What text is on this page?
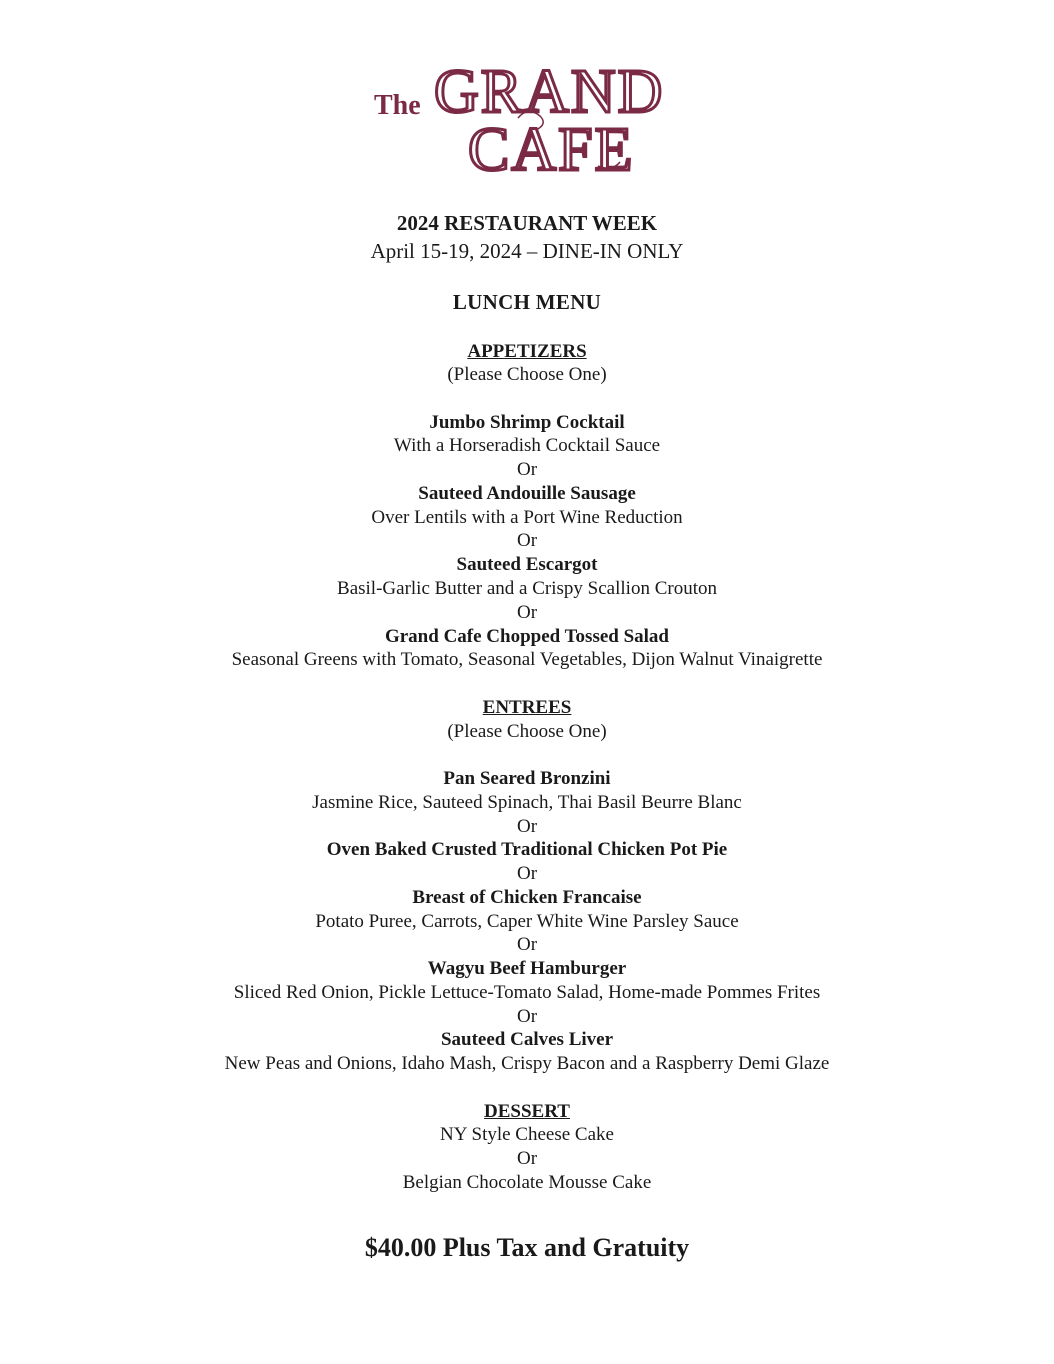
The GRAND
CAFE
2024 RESTAURANT WEEK
April 15-19, 2024 – DINE-IN ONLY
LUNCH MENU
APPETIZERS
(Please Choose One)
Jumbo Shrimp Cocktail
With a Horseradish Cocktail Sauce
Or
Sauteed Andouille Sausage
Over Lentils with a Port Wine Reduction
Or
Sauteed Escargot
Basil-Garlic Butter and a Crispy Scallion Crouton
Or
Grand Cafe Chopped Tossed Salad
Seasonal Greens with Tomato, Seasonal Vegetables, Dijon Walnut Vinaigrette
ENTREES
(Please Choose One)
Pan Seared Bronzini
Jasmine Rice, Sauteed Spinach, Thai Basil Beurre Blanc
Or
Oven Baked Crusted Traditional Chicken Pot Pie
Or
Breast of Chicken Francaise
Potato Puree, Carrots, Caper White Wine Parsley Sauce
Or
Wagyu Beef Hamburger
Sliced Red Onion, Pickle Lettuce-Tomato Salad, Home-made Pommes Frites
Or
Sauteed Calves Liver
New Peas and Onions, Idaho Mash, Crispy Bacon and a Raspberry Demi Glaze
DESSERT
NY Style Cheese Cake
Or
Belgian Chocolate Mousse Cake
$40.00 Plus Tax and Gratuity
